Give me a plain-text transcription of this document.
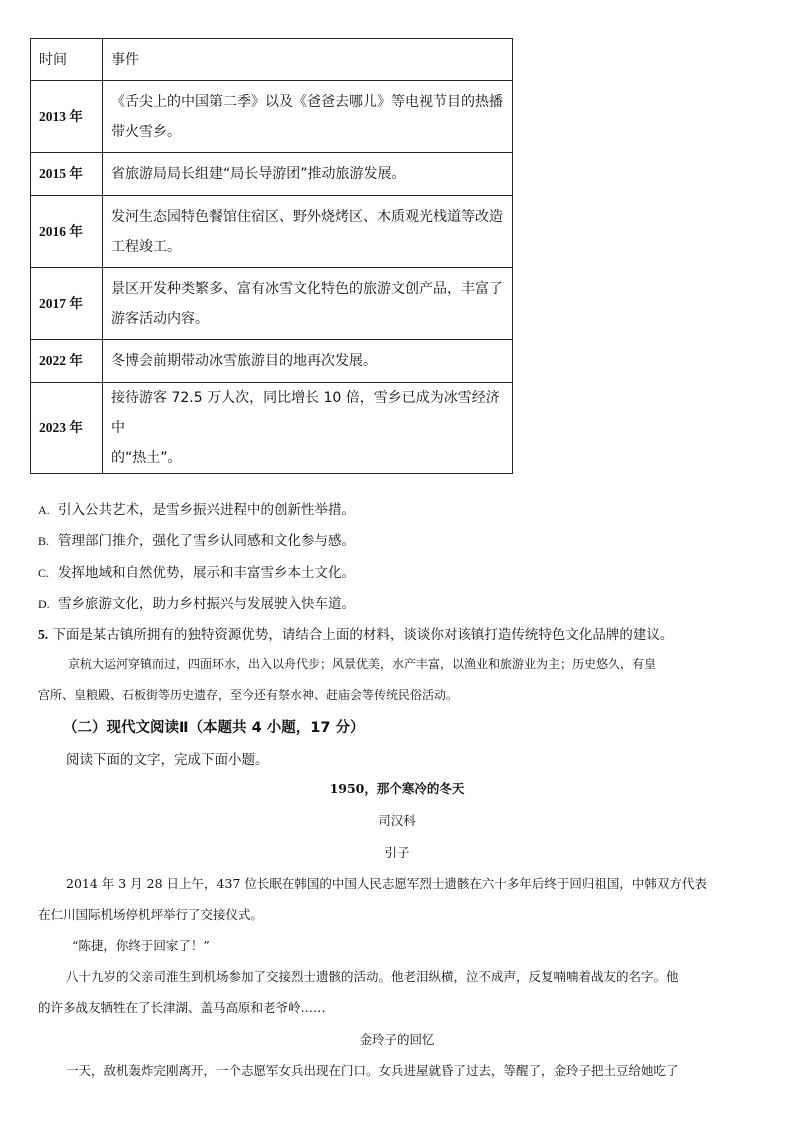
时间	事件
2013 年	《舌尖上的中国第二季》以及《爸爸去哪儿》等电视节目的热播
带火雪乡。

2015 年	省旅游局局长组建“局长导游团”推动旅游发展。

2016 年	发河生态园特色餐馆住宿区、野外烧烤区、木质观光栈道等改造
工程竣工。

2017 年	景区开发种类繁多、富有冰雪文化特色的旅游文创产品，丰富了
游客活动内容。

2022 年	冬博会前期带动冰雪旅游目的地再次发展。

2023 年	接待游客 72.5 万人次，同比增长 10 倍，雪乡已成为冰雪经济中
的“热土”。
A. 引入公共艺术，是雪乡振兴进程中的创新性举措。
B. 管理部门推介，强化了雪乡认同感和文化参与感。
C. 发挥地域和自然优势，展示和丰富雪乡本土文化。
D. 雪乡旅游文化，助力乡村振兴与发展驶入快车道。
5. 下面是某古镇所拥有的独特资源优势，请结合上面的材料，谈谈你对该镇打造传统特色文化品牌的建议。
京杭大运河穿镇而过，四面环水，出入以舟代步；风景优美，水产丰富，以渔业和旅游业为主；历史悠久，有皇
宫所、皇粮殿、石板街等历史遗存，至今还有祭水神、赶庙会等传统民俗活动。
（二）现代文阅读Ⅱ（本题共 4 小题，17 分）
阅读下面的文字，完成下面小题。
1950，那个寒冷的冬天
司汉科
引子
2014 年 3 月 28 日上午，437 位长眠在韩国的中国人民志愿军烈士遗骸在六十多年后终于回归祖国，中韩双方代表
在仁川国际机场停机坪举行了交接仪式。
“陈捷，你终于回家了！”
八十九岁的父亲司淮生到机场参加了交接烈士遗骸的活动。他老泪纵横，泣不成声，反复喃喃着战友的名字。他
的许多战友牺牲在了长津湖、盖马高原和老爷岭……
金玲子的回忆
一天，敌机轰炸完刚离开，一个志愿军女兵出现在门口。女兵进屋就昏了过去，等醒了，金玲子把土豆给她吃了
